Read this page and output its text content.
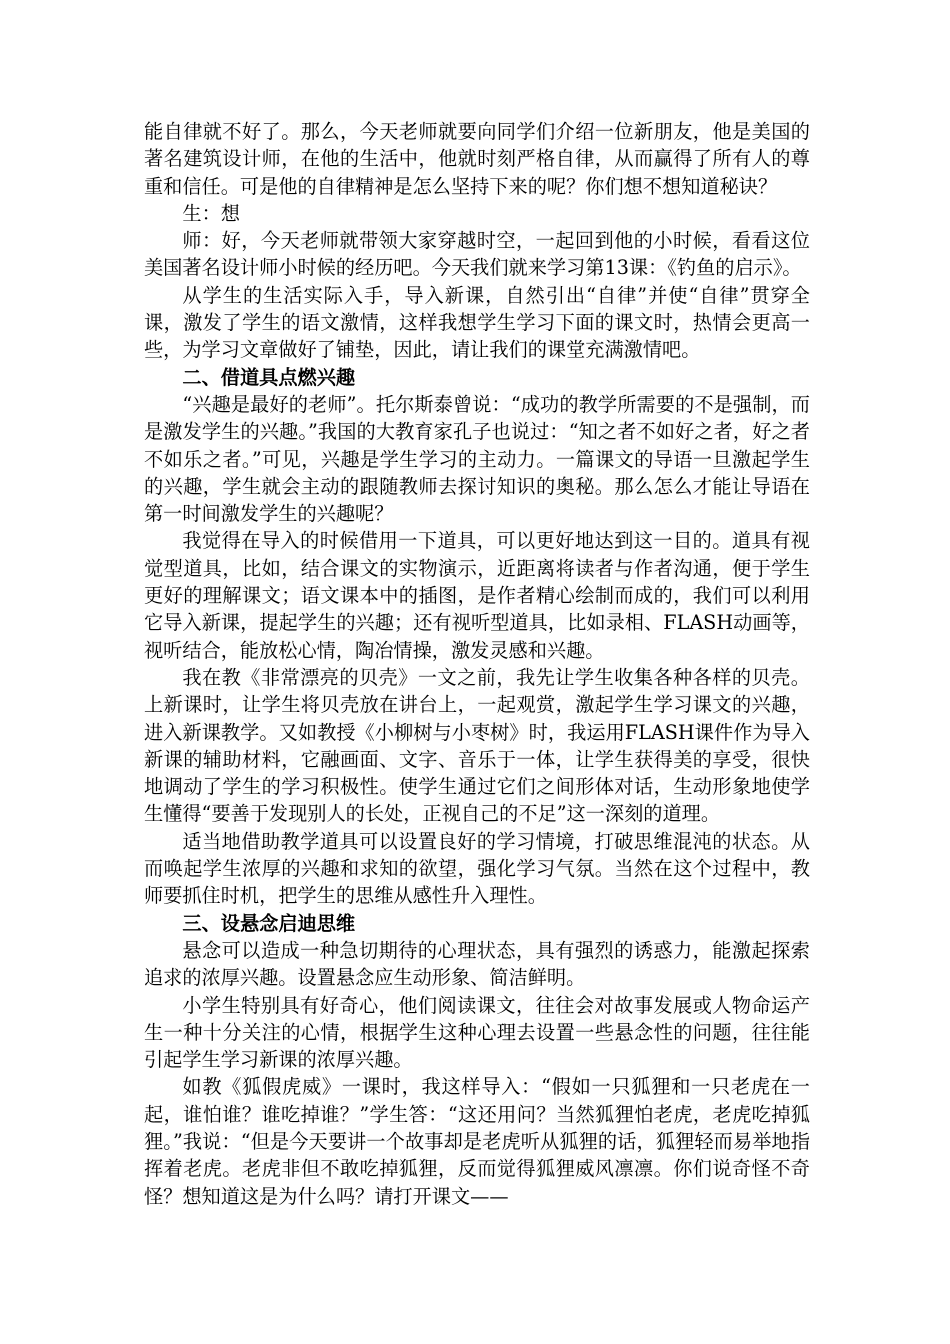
能自律就不好了。那么，今天老师就要向同学们介绍一位新朋友，他是美国的著名建筑设计师，在他的生活中，他就时刻严格自律，从而赢得了所有人的尊重和信任。可是他的自律精神是怎么坚持下来的呢？你们想不想知道秘诀？

生：想

师：好，今天老师就带领大家穿越时空，一起回到他的小时候，看看这位美国著名设计师小时候的经历吧。今天我们就来学习第13课：《钓鱼的启示》。

从学生的生活实际入手，导入新课，自然引出“自律”并使“自律”贯穿全课，激发了学生的语文激情，这样我想学生学习下面的课文时，热情会更高一些，为学习文章做好了铺垫，因此，请让我们的课堂充满激情吧。

二、借道具点燃兴趣

“兴趣是最好的老师”。托尔斯泰曾说：“成功的教学所需要的不是强制，而是激发学生的兴趣。”我国的大教育家孔子也说过：“知之者不如好之者，好之者不如乐之者。”可见，兴趣是学生学习的主动力。一篇课文的导语一旦激起学生的兴趣，学生就会主动的跟随教师去探讨知识的奥秘。那么怎么才能让导语在第一时间激发学生的兴趣呢？

我觉得在导入的时候借用一下道具，可以更好地达到这一目的。道具有视觉型道具，比如，结合课文的实物演示，近距离将读者与作者沟通，便于学生更好的理解课文；语文课本中的插图，是作者精心绘制而成的，我们可以利用它导入新课，提起学生的兴趣；还有视听型道具，比如录相、FLASH动画等，视听结合，能放松心情，陶冶情操，激发灵感和兴趣。

我在教《非常漂亮的贝壳》一文之前，我先让学生收集各种各样的贝壳。上新课时，让学生将贝壳放在讲台上，一起观赏，激起学生学习课文的兴趣，进入新课教学。又如教授《小柳树与小枣树》时，我运用FLASH课件作为导入新课的辅助材料，它融画面、文字、音乐于一体，让学生获得美的享受，很快地调动了学生的学习积极性。使学生通过它们之间形体对话，生动形象地使学生懂得“要善于发现别人的长处，正视自己的不足”这一深刻的道理。

适当地借助教学道具可以设置良好的学习情境，打破思维混沌的状态。从而唤起学生浓厚的兴趣和求知的欲望，强化学习气氛。当然在这个过程中，教师要抓住时机，把学生的思维从感性升入理性。

三、设悬念启迪思维

悬念可以造成一种急切期待的心理状态，具有强烈的诱惑力，能激起探索追求的浓厚兴趣。设置悬念应生动形象、简洁鲜明。

小学生特别具有好奇心，他们阅读课文，往往会对故事发展或人物命运产生一种十分关注的心情，根据学生这种心理去设置一些悬念性的问题，往往能引起学生学习新课的浓厚兴趣。

如教《狐假虎威》一课时，我这样导入：“假如一只狐狸和一只老虎在一起，谁怕谁？谁吃掉谁？”学生答：“这还用问？当然狐狸怕老虎，老虎吃掉狐狸。”我说：“但是今天要讲一个故事却是老虎听从狐狸的话，狐狸轻而易举地指挥着老虎。老虎非但不敢吃掉狐狸，反而觉得狐狸威风凛凛。你们说奇怪不奇怪？想知道这是为什么吗？请打开课文——
